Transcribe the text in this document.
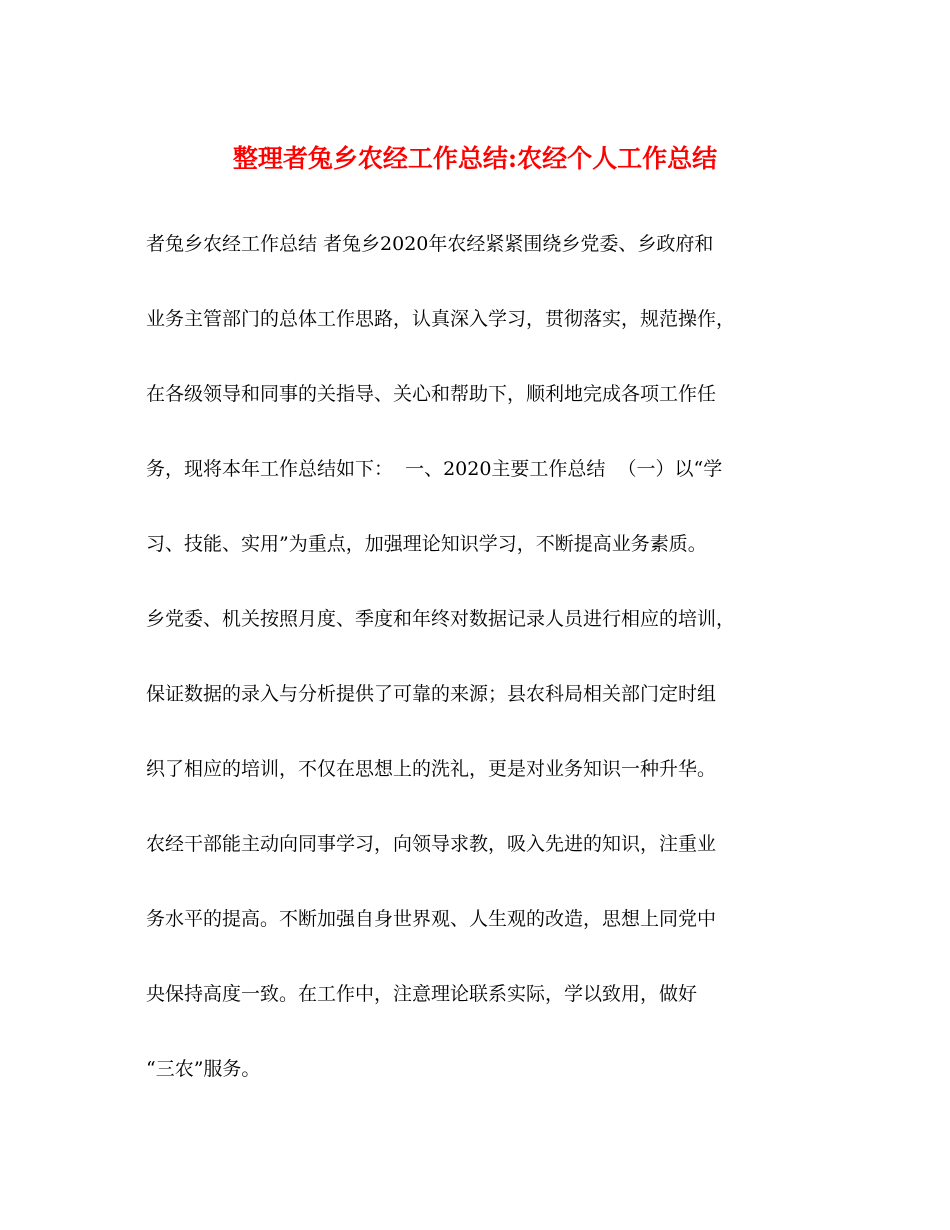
整理者兔乡农经工作总结:农经个人工作总结
者兔乡农经工作总结 者兔乡2020年农经紧紧围绕乡党委、乡政府和
业务主管部门的总体工作思路，认真深入学习，贯彻落实，规范操作，
在各级领导和同事的关指导、关心和帮助下，顺利地完成各项工作任
务，现将本年工作总结如下：  一、2020主要工作总结  （一）以“学
习、技能、实用”为重点，加强理论知识学习，不断提高业务素质。
乡党委、机关按照月度、季度和年终对数据记录人员进行相应的培训，
保证数据的录入与分析提供了可靠的来源；县农科局相关部门定时组
织了相应的培训，不仅在思想上的洗礼，更是对业务知识一种升华。
农经干部能主动向同事学习，向领导求教，吸入先进的知识，注重业
务水平的提高。不断加强自身世界观、人生观的改造，思想上同党中
央保持高度一致。在工作中，注意理论联系实际，学以致用，做好
“三农”服务。
